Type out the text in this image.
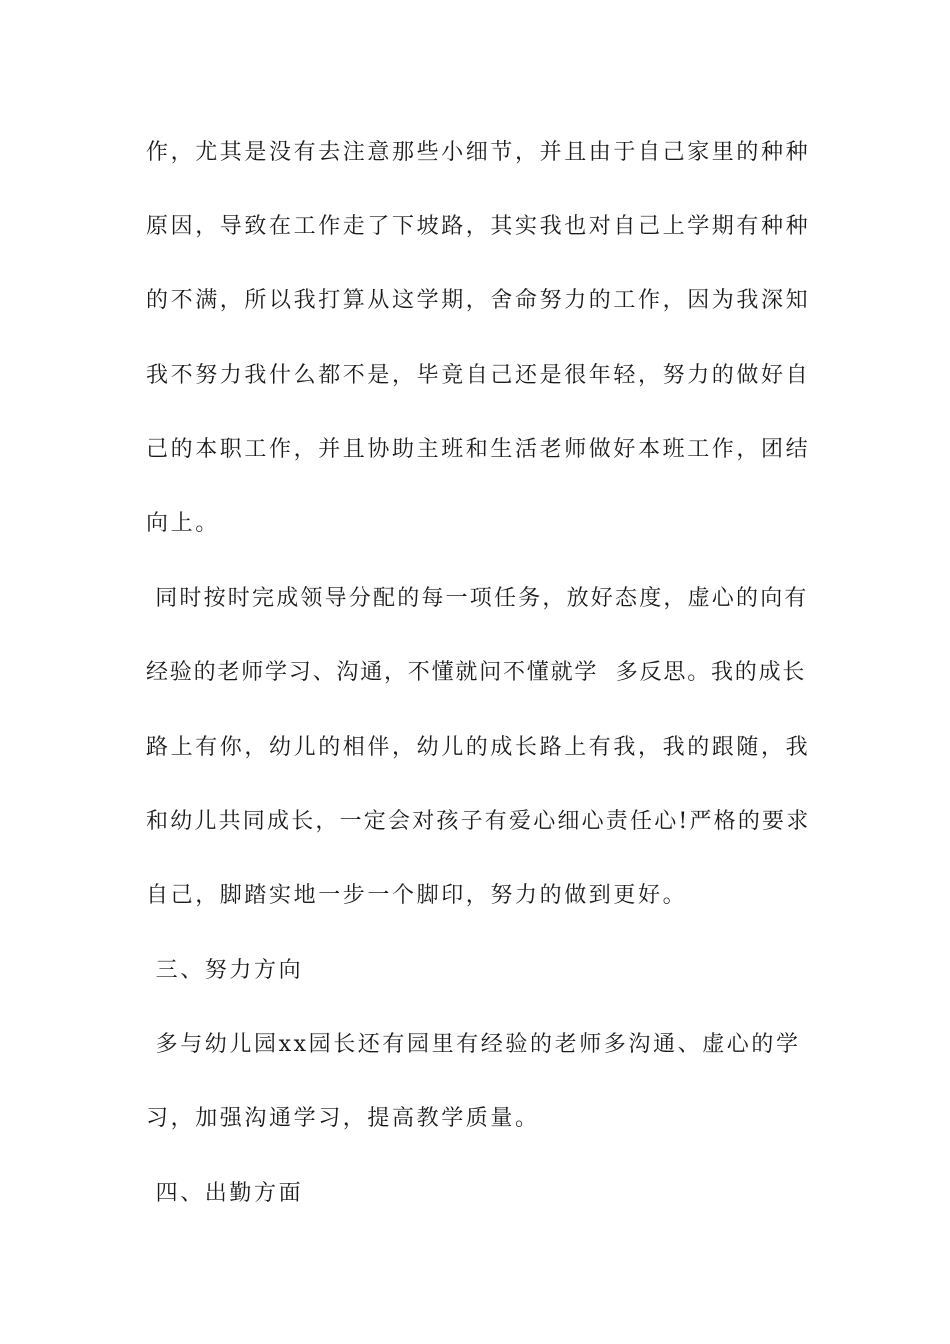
作，尤其是没有去注意那些小细节，并且由于自己家里的种种
原因，导致在工作走了下坡路，其实我也对自己上学期有种种
的不满，所以我打算从这学期，舍命努力的工作，因为我深知
我不努力我什么都不是，毕竟自己还是很年轻，努力的做好自
己的本职工作，并且协助主班和生活老师做好本班工作，团结
向上。
同时按时完成领导分配的每一项任务，放好态度，虚心的向有
经验的老师学习、沟通，不懂就问不懂就学  多反思。我的成长
路上有你，幼儿的相伴，幼儿的成长路上有我，我的跟随，我
和幼儿共同成长，一定会对孩子有爱心细心责任心!严格的要求
自己，脚踏实地一步一个脚印，努力的做到更好。
三、努力方向
多与幼儿园xx园长还有园里有经验的老师多沟通、虚心的学
习，加强沟通学习，提高教学质量。
四、出勤方面
